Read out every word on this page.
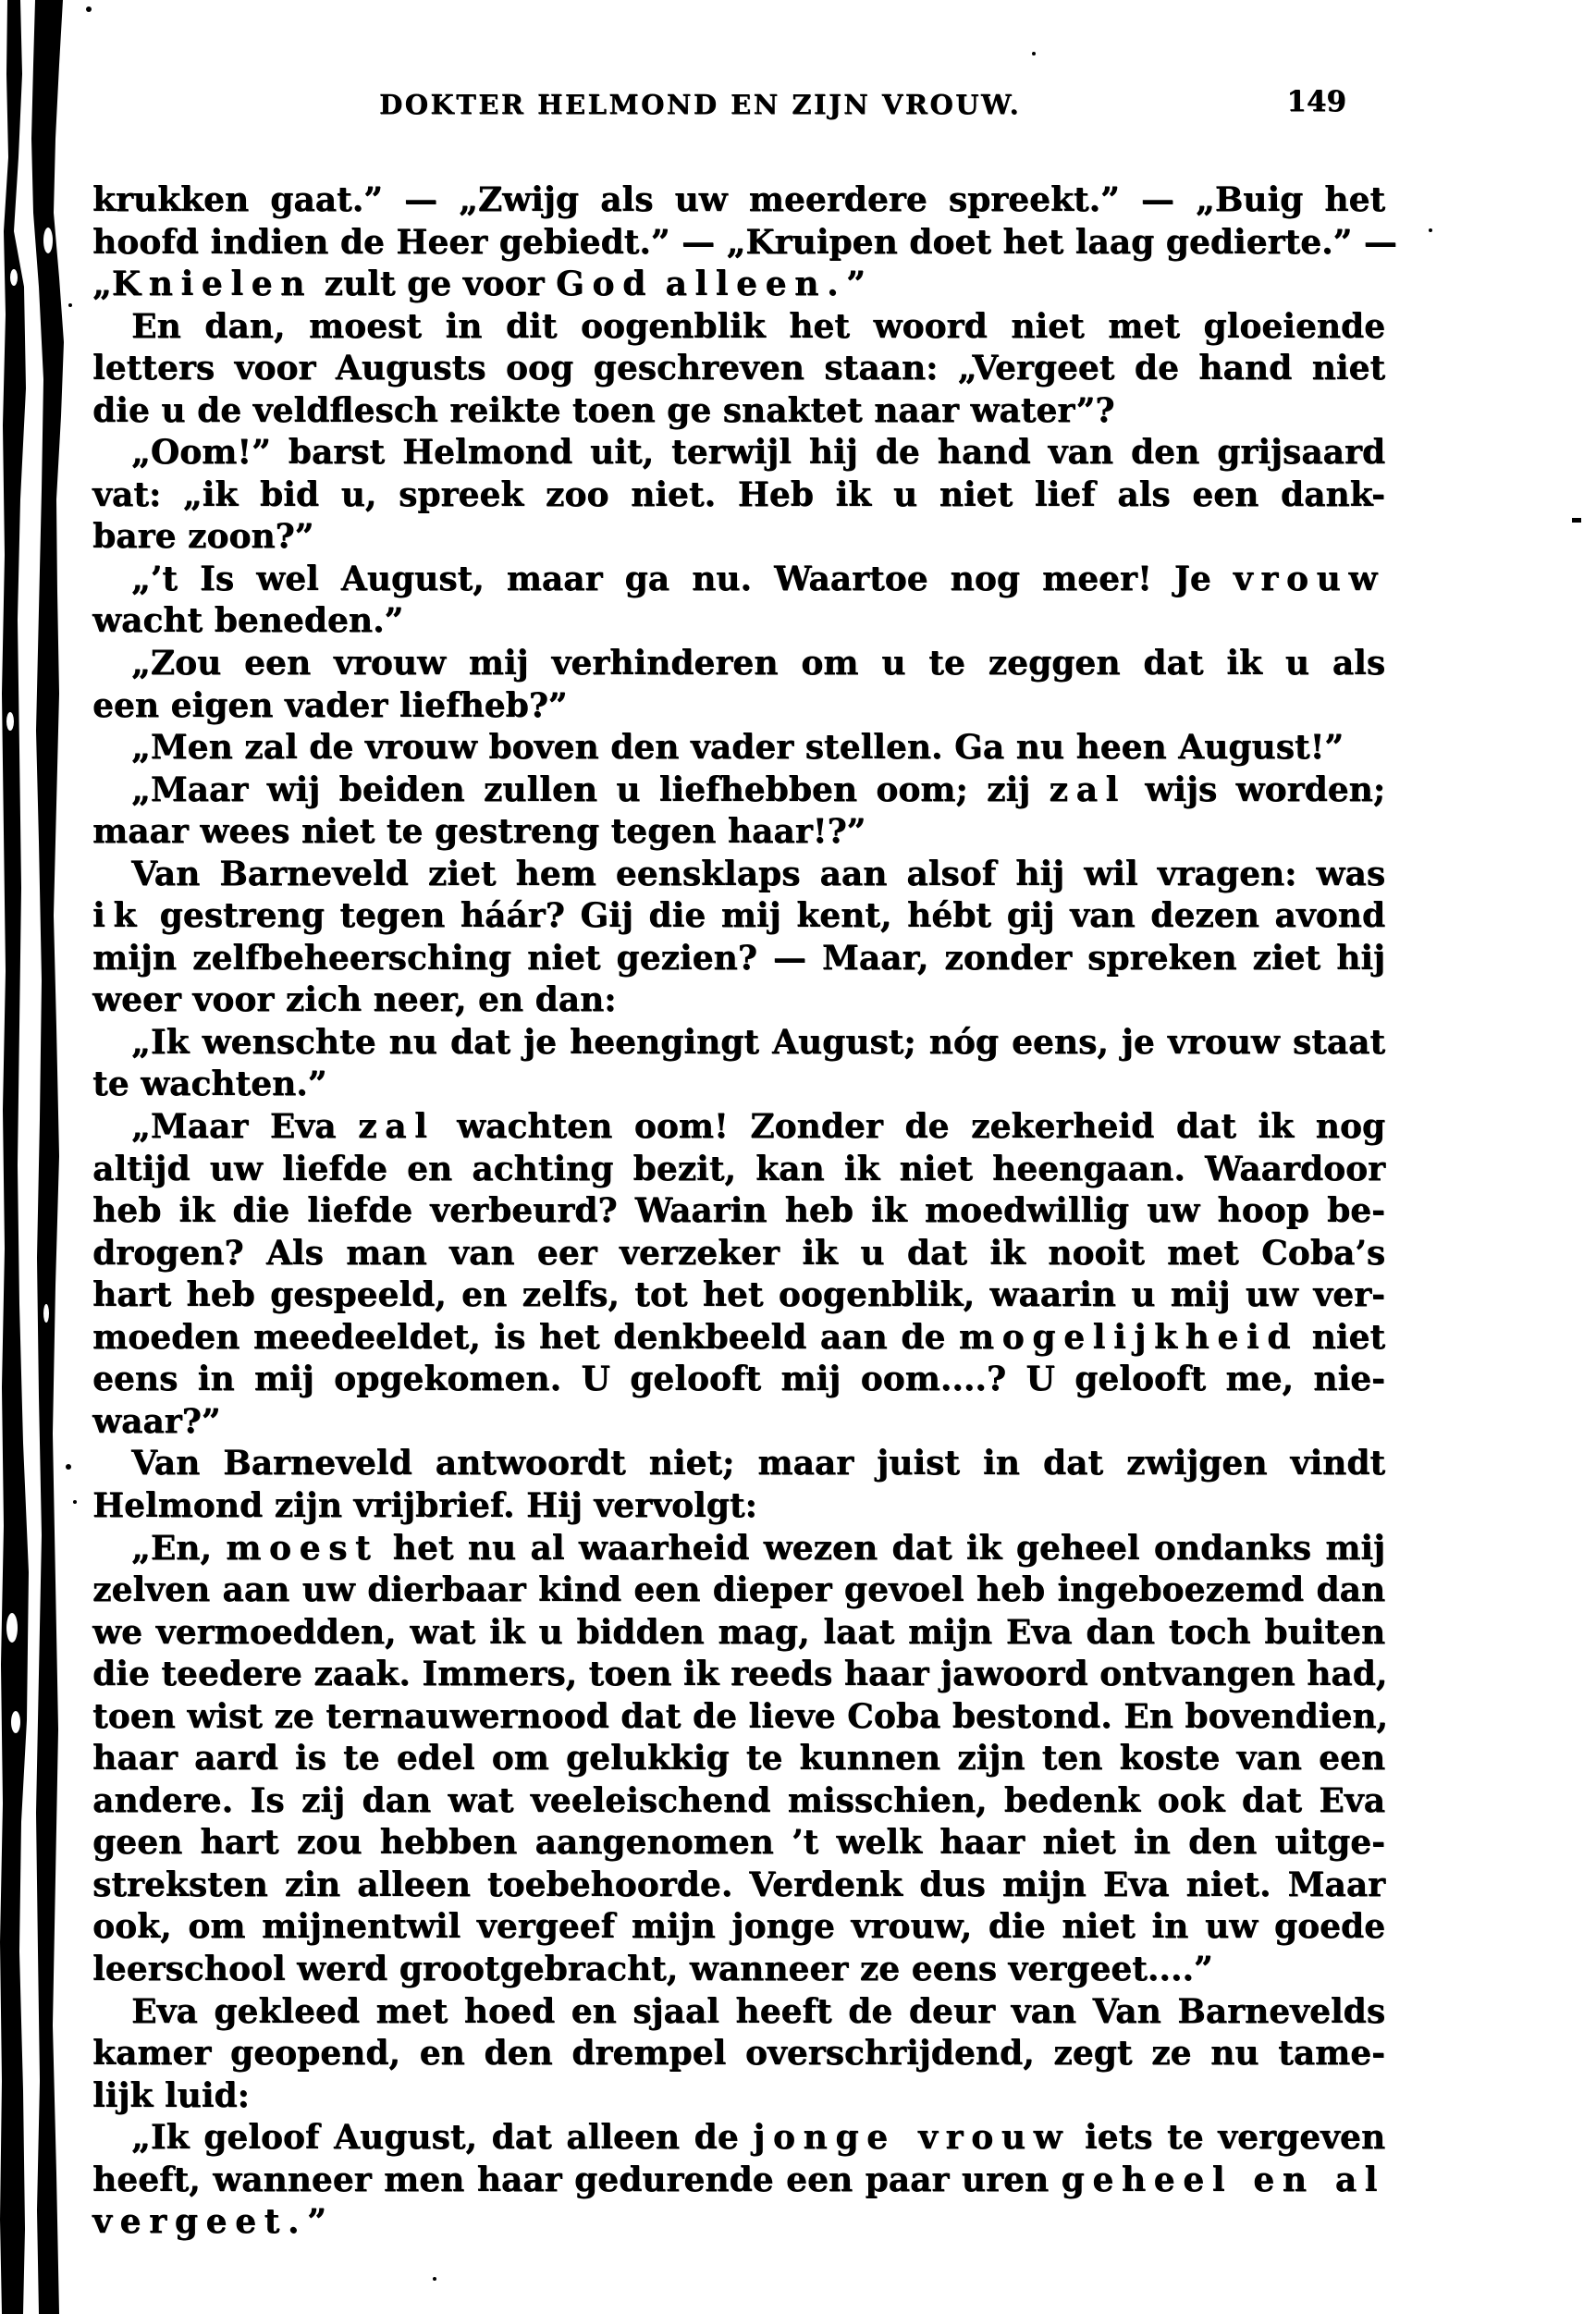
DOKTER HELMOND EN ZIJN VROUW.	149
krukken gaat.” — „Zwijg als uw meerdere spreekt.” — „Buig het
hoofd indien de Heer gebiedt.” — „Kruipen doet het laag gedierte.” —
„Knielen zult ge voor God alleen.”
En dan, moest in dit oogenblik het woord niet met gloeiende
letters voor Augusts oog geschreven staan: „Vergeet de hand niet
die u de veldflesch reikte toen ge snaktet naar water”?
„Oom!” barst Helmond uit, terwijl hij de hand van den grijsaard
vat: „ik bid u, spreek zoo niet. Heb ik u niet lief als een dank-
bare zoon?”
„’t Is wel August, maar ga nu. Waartoe nog meer! Je vrouw
wacht beneden.”
„Zou een vrouw mij verhinderen om u te zeggen dat ik u als
een eigen vader liefheb?”
„Men zal de vrouw boven den vader stellen. Ga nu heen August!”
„Maar wij beiden zullen u liefhebben oom; zij zal wijs worden;
maar wees niet te gestreng tegen haar!?”
Van Barneveld ziet hem eensklaps aan alsof hij wil vragen: was
ik gestreng tegen háár? Gij die mij kent, hébt gij van dezen avond
mijn zelfbeheersching niet gezien? — Maar, zonder spreken ziet hij
weer voor zich neer, en dan:
„Ik wenschte nu dat je heengingt August; nóg eens, je vrouw staat
te wachten.”
„Maar Eva zal wachten oom! Zonder de zekerheid dat ik nog
altijd uw liefde en achting bezit, kan ik niet heengaan. Waardoor
heb ik die liefde verbeurd? Waarin heb ik moedwillig uw hoop be-
drogen? Als man van eer verzeker ik u dat ik nooit met Coba’s
hart heb gespeeld, en zelfs, tot het oogenblik, waarin u mij uw ver-
moeden meedeeldet, is het denkbeeld aan de mogelijkheid niet
eens in mij opgekomen. U gelooft mij oom....? U gelooft me, nie-
waar?”
Van Barneveld antwoordt niet; maar juist in dat zwijgen vindt
Helmond zijn vrijbrief. Hij vervolgt:
„En, moest het nu al waarheid wezen dat ik geheel ondanks mij
zelven aan uw dierbaar kind een dieper gevoel heb ingeboezemd dan
we vermoedden, wat ik u bidden mag, laat mijn Eva dan toch buiten
die teedere zaak. Immers, toen ik reeds haar jawoord ontvangen had,
toen wist ze ternauwernood dat de lieve Coba bestond. En bovendien,
haar aard is te edel om gelukkig te kunnen zijn ten koste van een
andere. Is zij dan wat veeleischend misschien, bedenk ook dat Eva
geen hart zou hebben aangenomen ’t welk haar niet in den uitge-
streksten zin alleen toebehoorde. Verdenk dus mijn Eva niet. Maar
ook, om mijnentwil vergeef mijn jonge vrouw, die niet in uw goede
leerschool werd grootgebracht, wanneer ze eens vergeet....”
Eva gekleed met hoed en sjaal heeft de deur van Van Barnevelds
kamer geopend, en den drempel overschrijdend, zegt ze nu tame-
lijk luid:
„Ik geloof August, dat alleen de jonge vrouw iets te vergeven
heeft, wanneer men haar gedurende een paar uren geheel en al
vergeet.”
